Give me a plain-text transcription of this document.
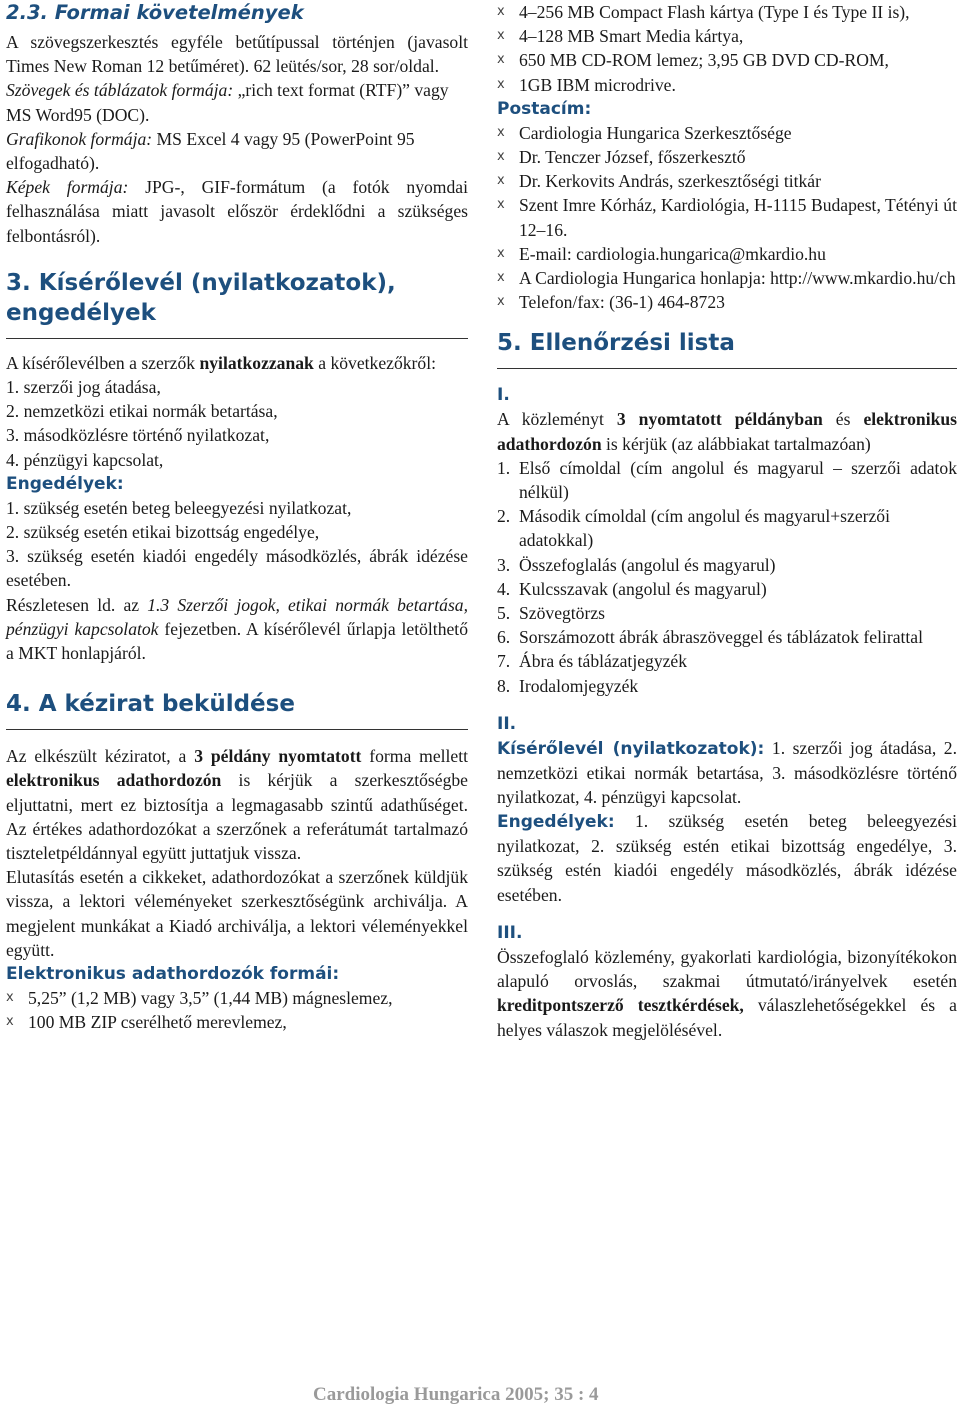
2.3. Formai követelmények

A szövegszerkesztés egyféle betűtípussal történjen (javasolt Times New Roman 12 betűméret). 62 leütés/sor, 28 sor/oldal.

Szövegek és táblázatok formája: „rich text format (RTF)” vagy MS Word95 (DOC).

Grafikonok formája: MS Excel 4 vagy 95 (PowerPoint 95 elfogadható).

Képek formája: JPG-, GIF-formátum (a fotók nyomdai felhasználása miatt javasolt először érdeklődni a szükséges felbontásról).

3. Kísérőlevél (nyilatkozatok), engedélyek

A kísérőlevélben a szerzők nyilatkozzanak a következőkről:

1. szerzői jog átadása,

2. nemzetközi etikai normák betartása,

3. másodközlésre történő nyilatkozat,

4. pénzügyi kapcsolat,

Engedélyek:

1. szükség esetén beteg beleegyezési nyilatkozat,

2. szükség esetén etikai bizottság engedélye,

3. szükség esetén kiadói engedély másodközlés, ábrák idézése esetében.

Részletesen ld. az 1.3 Szerzői jogok, etikai normák betartása, pénzügyi kapcsolatok fejezetben. A kísérőlevél űrlapja letölthető a MKT honlapjáról.

4. A kézirat beküldése

Az elkészült kéziratot, a 3 példány nyomtatott forma mellett elektronikus adathordozón is kérjük a szerkesztőségbe eljuttatni, mert ez biztosítja a legmagasabb szintű adathűséget. Az értékes adathordozókat a szerzőnek a referátumát tartalmazó tiszteletpéldánnyal együtt juttatjuk vissza.

Elutasítás esetén a cikkeket, adathordozókat a szerzőnek küldjük vissza, a lektori véleményeket szerkesztőségünk archiválja. A megjelent munkákat a Kiadó archiválja, a lektori véleményekkel együtt.

Elektronikus adathordozók formái:
x 5,25” (1,2 MB) vagy 3,5” (1,44 MB) mágneslemez,
x 100 MB ZIP cserélhető merevlemez,
x 4–256 MB Compact Flash kártya (Type I és Type II is),
x 4–128 MB Smart Media kártya,
x 650 MB CD-ROM lemez; 3,95 GB DVD CD-ROM,
x 1GB IBM microdrive.
Postacím:
x Cardiologia Hungarica Szerkesztősége
x Dr. Tenczer József, főszerkesztő
x Dr. Kerkovits András, szerkesztőségi titkár
x Szent Imre Kórház, Kardiológia, H-1115 Budapest, Tétényi út 12–16.
x E-mail: cardiologia.hungarica@mkardio.hu
x A Cardiologia Hungarica honlapja: http://www.mkardio.hu/ch
x Telefon/fax: (36-1) 464-8723
5. Ellenőrzési lista
I.

A közleményt 3 nyomtatott példányban és elektronikus adathordozón is kérjük (az alábbiakat tartalmazóan)

1. Első címoldal (cím angolul és magyarul – szerzői adatok nélkül)
2. Második címoldal (cím angolul és magyarul+szerzői adatokkal)
3. Összefoglalás (angolul és magyarul)
4. Kulcsszavak (angolul és magyarul)
5. Szövegtörzs
6. Sorszámozott ábrák ábraszöveggel és táblázatok felirattal
7. Ábra és táblázatjegyzék
8. Irodalomjegyzék
II.

Kísérőlevél (nyilatkozatok): 1. szerzői jog átadása, 2. nemzetközi etikai normák betartása, 3. másodközlésre történő nyilatkozat, 4. pénzügyi kapcsolat.

Engedélyek: 1. szükség esetén beteg beleegyezési nyilatkozat, 2. szükség estén etikai bizottság engedélye, 3. szükség estén kiadói engedély másodközlés, ábrák idézése esetében.

III.

Összefoglaló közlemény, gyakorlati kardiológia, bizonyítékokon alapuló orvoslás, szakmai útmutató/irányelvek esetén kreditpontszerző tesztkérdések, válaszlehetőségekkel és a helyes válaszok megjelölésével.

Cardiologia Hungarica 2005; 35 : 4
